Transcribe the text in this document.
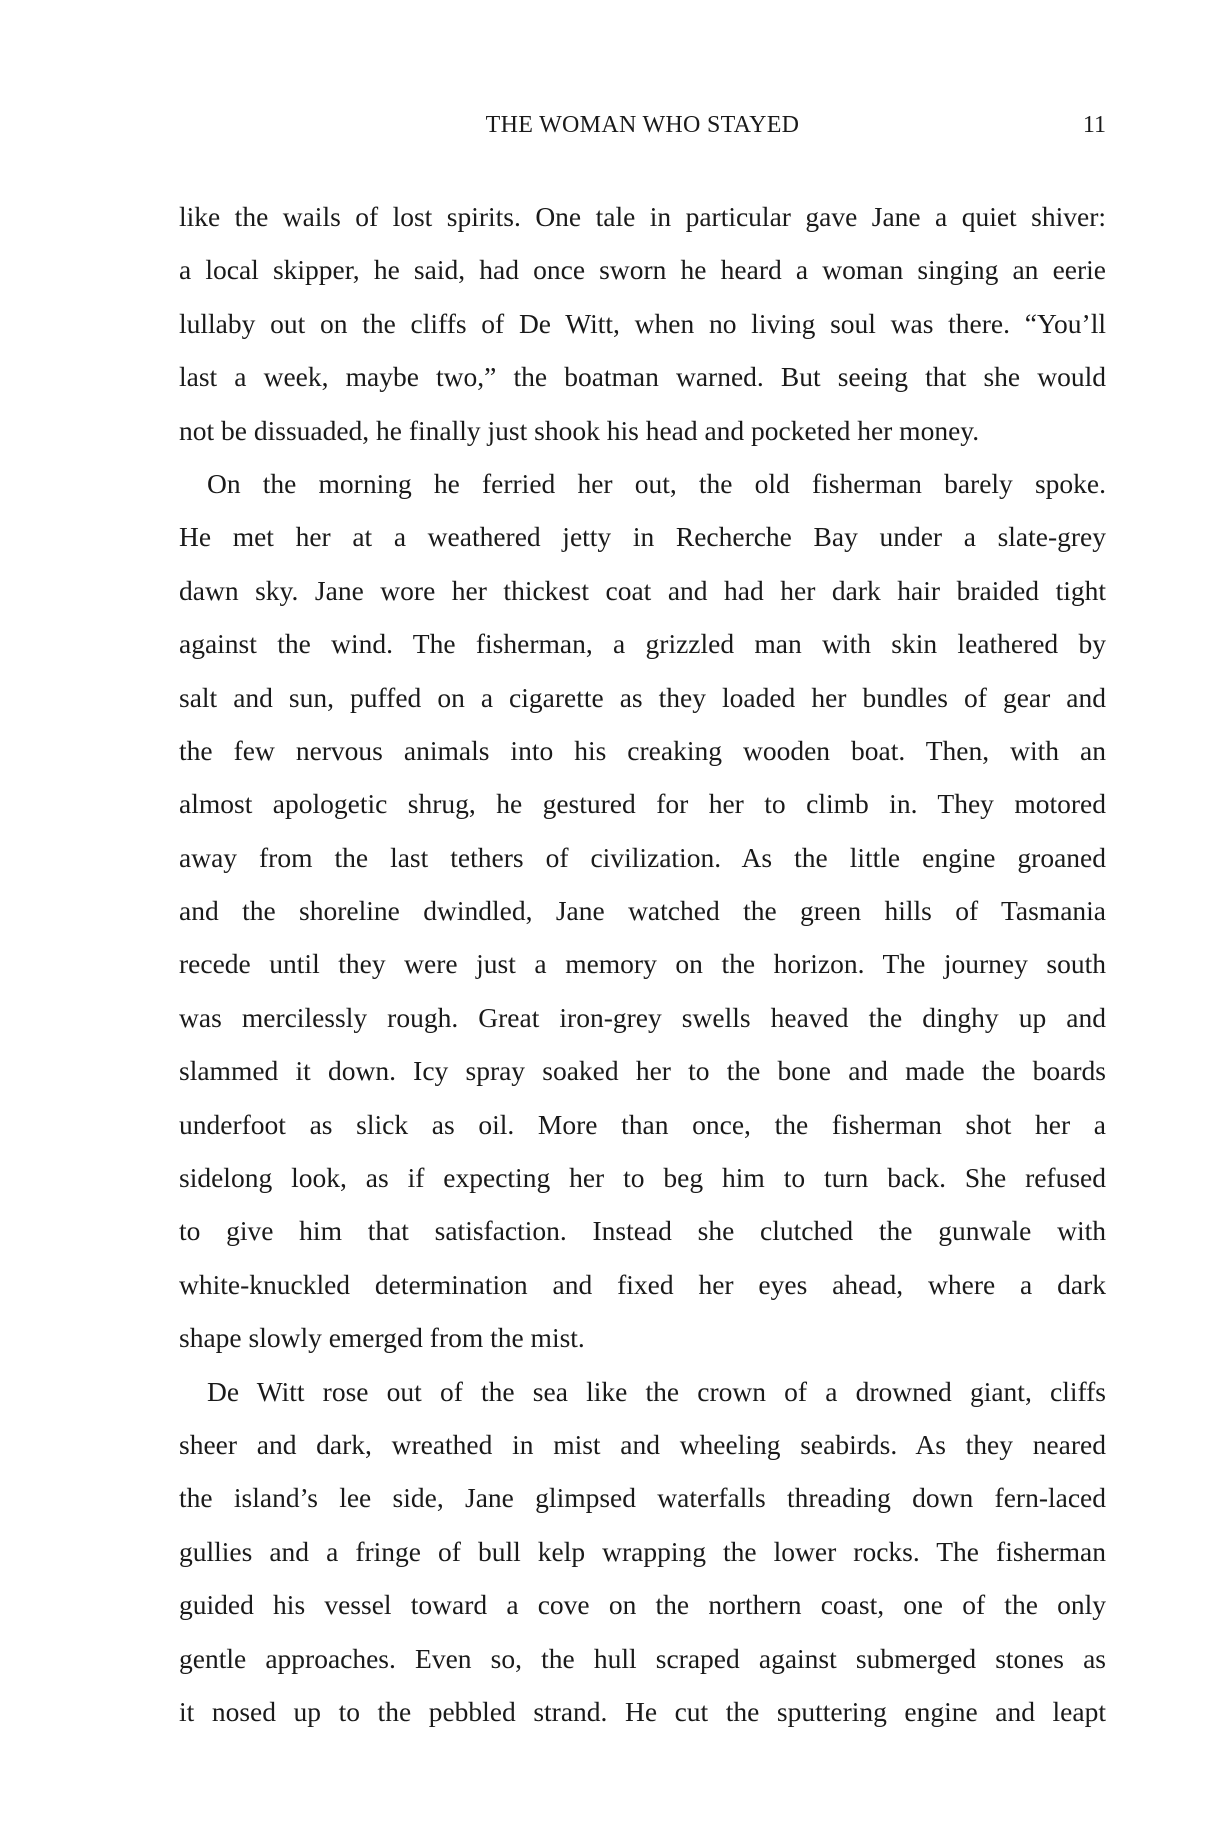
THE WOMAN WHO STAYED	11
like the wails of lost spirits. One tale in particular gave Jane a quiet shiver:
a local skipper, he said, had once sworn he heard a woman singing an eerie
lullaby out on the cliffs of De Witt, when no living soul was there. “You’ll
last a week, maybe two,” the boatman warned. But seeing that she would
not be dissuaded, he finally just shook his head and pocketed her money.
On the morning he ferried her out, the old fisherman barely spoke.
He met her at a weathered jetty in Recherche Bay under a slate-grey
dawn sky. Jane wore her thickest coat and had her dark hair braided tight
against the wind. The fisherman, a grizzled man with skin leathered by
salt and sun, puffed on a cigarette as they loaded her bundles of gear and
the few nervous animals into his creaking wooden boat. Then, with an
almost apologetic shrug, he gestured for her to climb in. They motored
away from the last tethers of civilization. As the little engine groaned
and the shoreline dwindled, Jane watched the green hills of Tasmania
recede until they were just a memory on the horizon. The journey south
was mercilessly rough. Great iron-grey swells heaved the dinghy up and
slammed it down. Icy spray soaked her to the bone and made the boards
underfoot as slick as oil. More than once, the fisherman shot her a
sidelong look, as if expecting her to beg him to turn back. She refused
to give him that satisfaction. Instead she clutched the gunwale with
white-knuckled determination and fixed her eyes ahead, where a dark
shape slowly emerged from the mist.
De Witt rose out of the sea like the crown of a drowned giant, cliffs
sheer and dark, wreathed in mist and wheeling seabirds. As they neared
the island’s lee side, Jane glimpsed waterfalls threading down fern-laced
gullies and a fringe of bull kelp wrapping the lower rocks. The fisherman
guided his vessel toward a cove on the northern coast, one of the only
gentle approaches. Even so, the hull scraped against submerged stones as
it nosed up to the pebbled strand. He cut the sputtering engine and leapt
